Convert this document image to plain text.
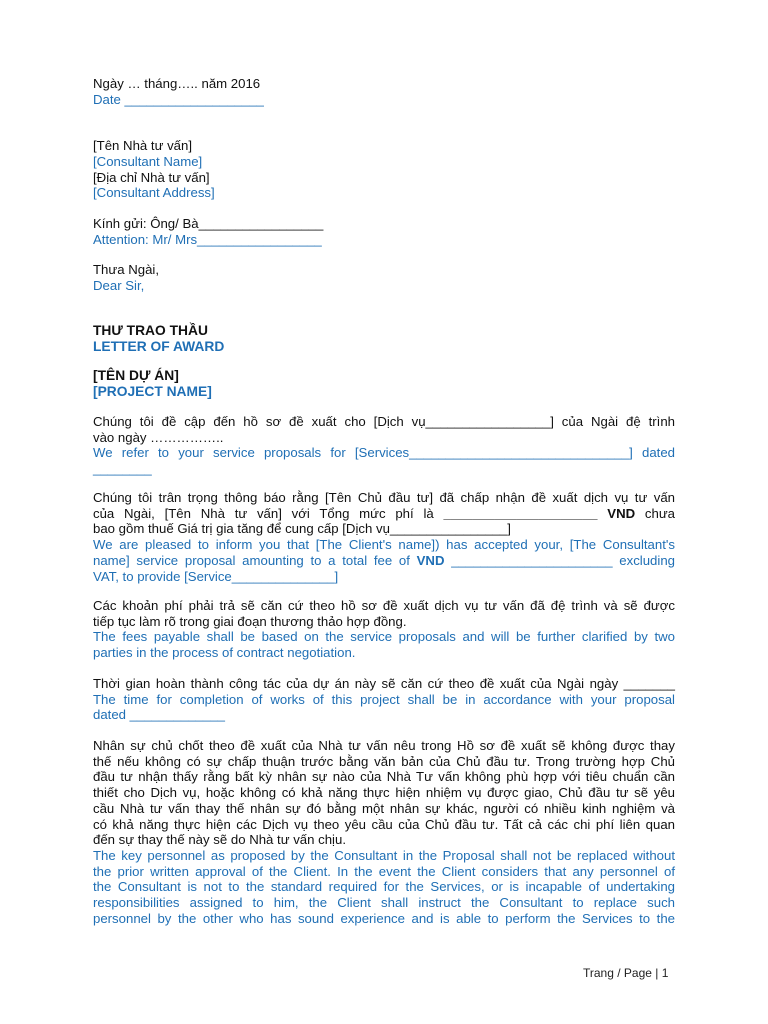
Ngày … tháng….. năm 2016
Date ___________________
[Tên Nhà tư vấn]
[Consultant Name]
[Địa chỉ Nhà tư vấn]
[Consultant Address]
Kính gửi: Ông/ Bà_________________
Attention: Mr/ Mrs_________________
Thưa Ngài,
Dear Sir,
THƯ TRAO THẦU
LETTER OF AWARD
[TÊN DỰ ÁN]
[PROJECT NAME]
Chúng tôi đề cập đến hồ sơ đề xuất cho [Dịch vụ_________________] của Ngài đệ trình
vào ngày ……………..
We refer to your service proposals for [Services______________________________] dated
________
Chúng tôi trân trọng thông báo rằng [Tên Chủ đầu tư] đã chấp nhận đề xuất dịch vụ tư vấn
của Ngài, [Tên Nhà tư vấn] với Tổng mức phí là _____________________ VND chưa
bao gồm thuế Giá trị gia tăng để cung cấp [Dịch vụ________________]
We are pleased to inform you that [The Client's name]) has accepted your, [The Consultant's
name] service proposal amounting to a total fee of VND ______________________ excluding
VAT, to provide [Service______________]
Các khoản phí phải trả sẽ căn cứ theo hồ sơ đề xuất dịch vụ tư vấn đã đệ trình và sẽ được
tiếp tục làm rõ trong giai đoạn thương thảo hợp đồng.
The fees payable shall be based on the service proposals and will be further clarified by two
parties in the process of contract negotiation.
Thời gian hoàn thành công tác của dự án này sẽ căn cứ theo đề xuất của Ngài ngày _______
The time for completion of works of this project shall be in accordance with your proposal
dated _____________
Nhân sự chủ chốt theo đề xuất của Nhà tư vấn nêu trong Hồ sơ đề xuất sẽ không được thay
thế nếu không có sự chấp thuận trước bằng văn bản của Chủ đầu tư. Trong trường hợp Chủ
đầu tư nhận thấy rằng bất kỳ nhân sự nào của Nhà Tư vấn không phù hợp với tiêu chuẩn cần
thiết cho Dịch vụ, hoặc không có khả năng thực hiện nhiệm vụ được giao, Chủ đầu tư sẽ yêu
cầu Nhà tư vấn thay thế nhân sự đó bằng một nhân sự khác, người có nhiều kinh nghiệm và
có khả năng thực hiện các Dịch vụ theo yêu cầu của Chủ đầu tư. Tất cả các chi phí liên quan
đến sự thay thế này sẽ do Nhà tư vấn chịu.
The key personnel as proposed by the Consultant in the Proposal shall not be replaced without
the prior written approval of the Client. In the event the Client considers that any personnel of
the Consultant is not to the standard required for the Services, or is incapable of undertaking
responsibilities assigned to him, the Client shall instruct the Consultant to replace such
personnel by the other who has sound experience and is able to perform the Services to the
Trang / Page | 1
